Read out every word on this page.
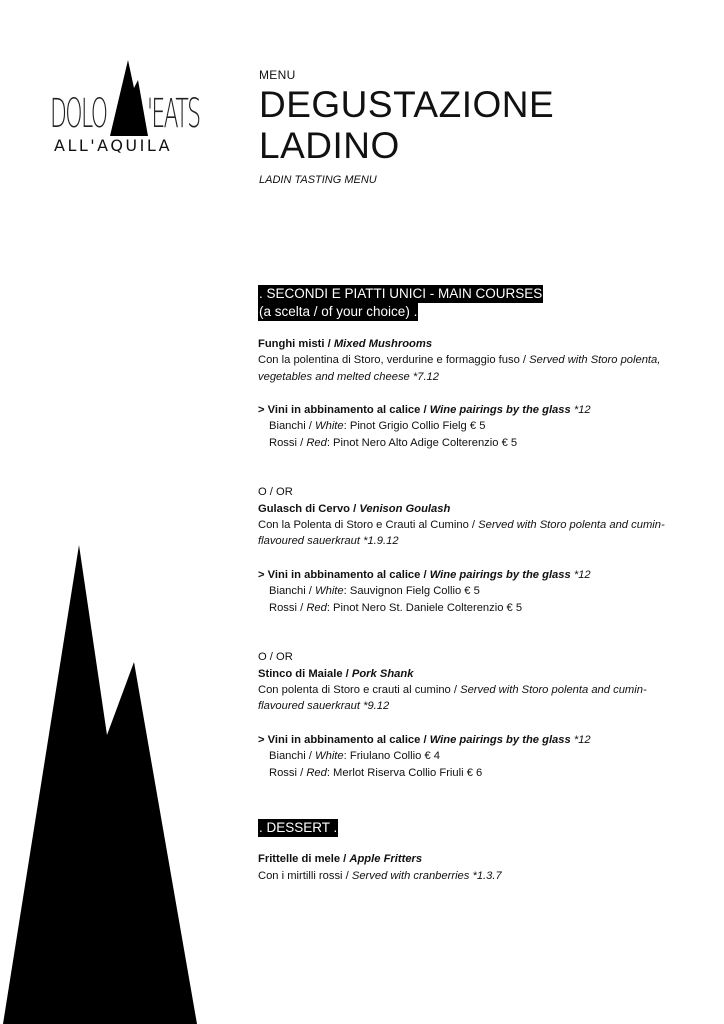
DOLO 'EATS
ALL'AQUILA
MENU
DEGUSTAZIONE
LADINO
LADIN TASTING MENU
. SECONDI E PIATTI UNICI - MAIN COURSES
(a scelta / of your choice) .
Funghi misti / Mixed Mushrooms
Con la polentina di Storo, verdurine e formaggio fuso / Served with Storo polenta, vegetables and melted cheese *7.12
> Vini in abbinamento al calice / Wine pairings by the glass *12
Bianchi / White: Pinot Grigio Collio Fielg € 5
Rossi / Red: Pinot Nero Alto Adige Colterenzio € 5
O / OR
Gulasch di Cervo / Venison Goulash
Con la Polenta di Storo e Crauti al Cumino / Served with Storo polenta and cumin-flavoured sauerkraut *1.9.12
> Vini in abbinamento al calice / Wine pairings by the glass *12
Bianchi / White: Sauvignon Fielg Collio € 5
Rossi / Red: Pinot Nero St. Daniele Colterenzio € 5
O / OR
Stinco di Maiale / Pork Shank
Con polenta di Storo e crauti al cumino / Served with Storo polenta and cumin-flavoured sauerkraut *9.12
> Vini in abbinamento al calice / Wine pairings by the glass *12
Bianchi / White: Friulano Collio € 4
Rossi / Red: Merlot Riserva Collio Friuli € 6
. DESSERT .
Frittelle di mele / Apple Fritters
Con i mirtilli rossi / Served with cranberries *1.3.7
